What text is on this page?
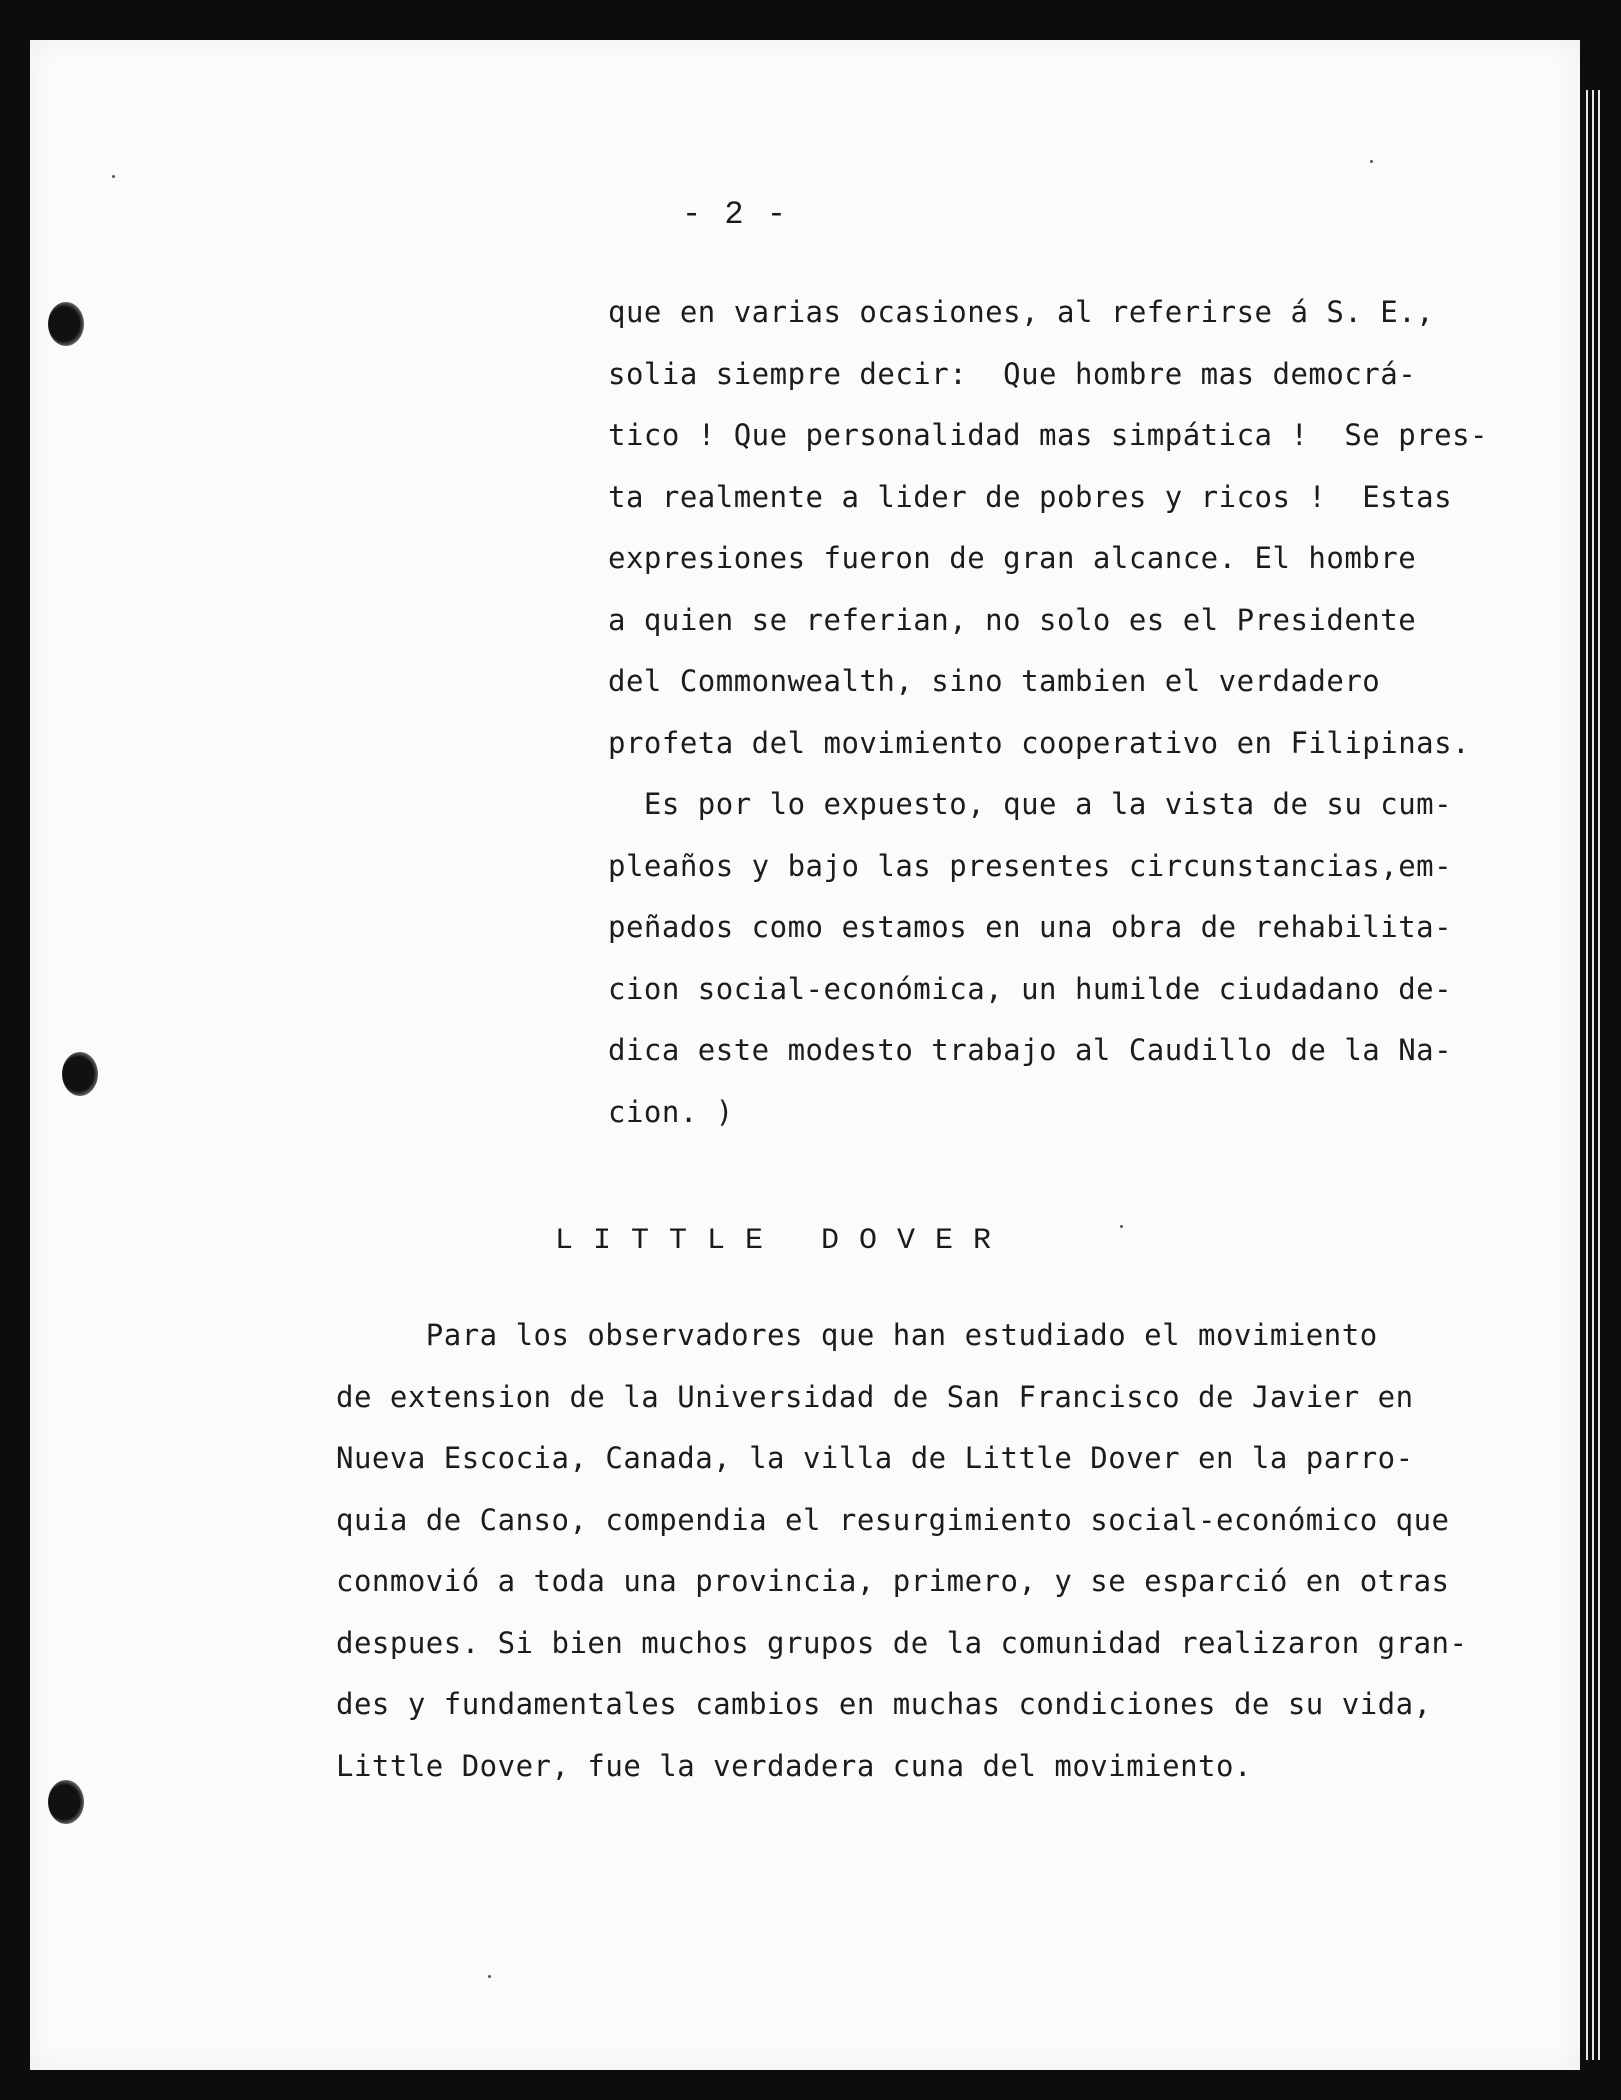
- 2 -
que en varias ocasiones, al referirse á S. E.,
solia siempre decir:  Que hombre mas democrá-
tico ! Que personalidad mas simpática !  Se pres-
ta realmente a lider de pobres y ricos !  Estas
expresiones fueron de gran alcance. El hombre
a quien se referian, no solo es el Presidente
del Commonwealth, sino tambien el verdadero
profeta del movimiento cooperativo en Filipinas.
Es por lo expuesto, que a la vista de su cum-
pleaños y bajo las presentes circunstancias,em-
peñados como estamos en una obra de rehabilita-
cion social-económica, un humilde ciudadano de-
dica este modesto trabajo al Caudillo de la Na-
cion. )
LITTLE DOVER
Para los observadores que han estudiado el movimiento
de extension de la Universidad de San Francisco de Javier en
Nueva Escocia, Canada, la villa de Little Dover en la parro-
quia de Canso, compendia el resurgimiento social-económico que
conmovió a toda una provincia, primero, y se esparció en otras
despues. Si bien muchos grupos de la comunidad realizaron gran-
des y fundamentales cambios en muchas condiciones de su vida,
Little Dover, fue la verdadera cuna del movimiento.
